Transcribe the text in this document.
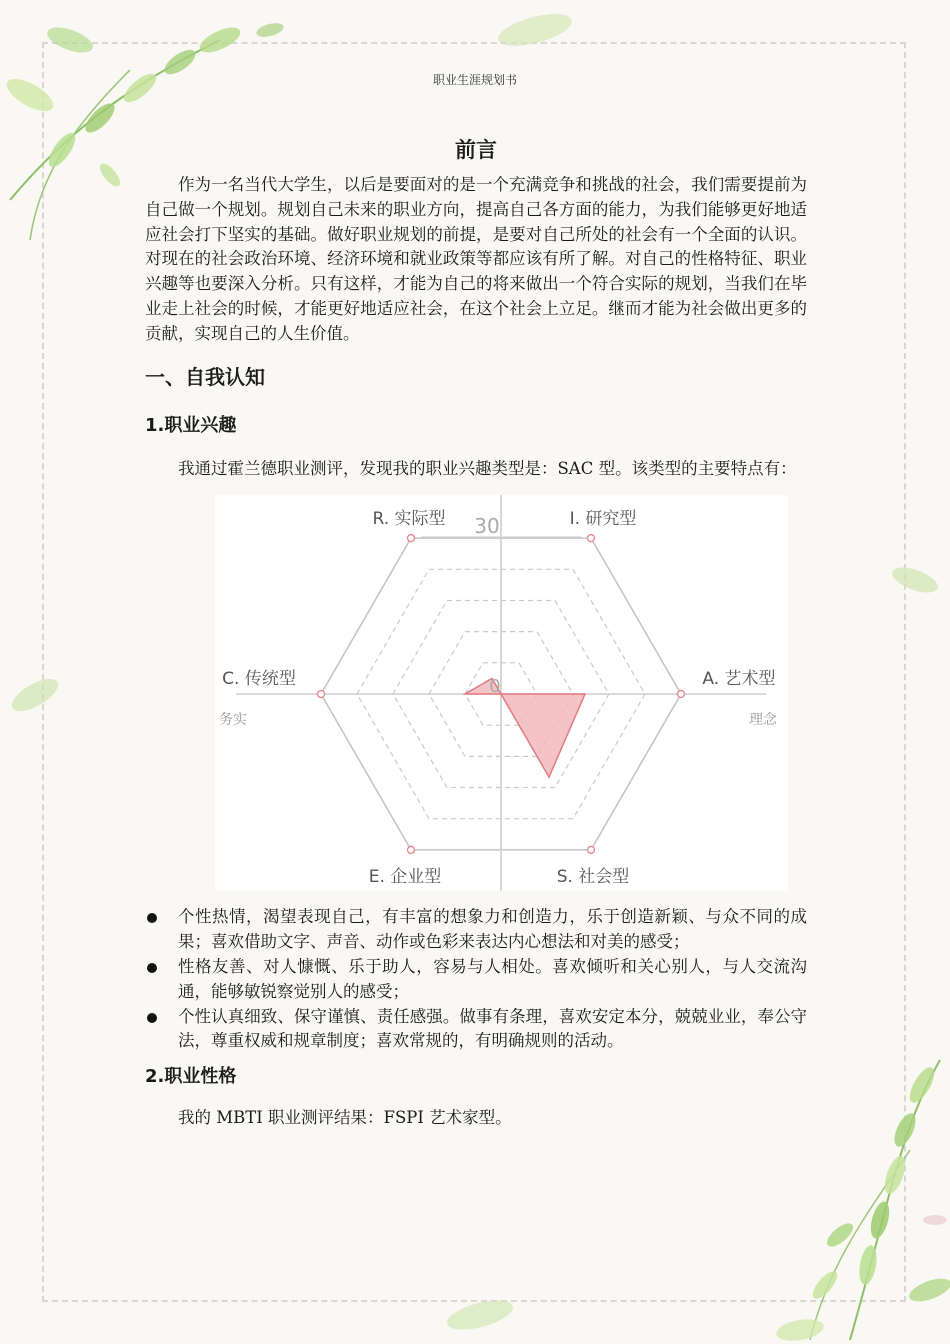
职业生涯规划书
前言

作为一名当代大学生，以后是要面对的是一个充满竞争和挑战的社会，我们需要提前为自己做一个规划。规划自己未来的职业方向，提高自己各方面的能力，为我们能够更好地适应社会打下坚实的基础。做好职业规划的前提，是要对自己所处的社会有一个全面的认识。对现在的社会政治环境、经济环境和就业政策等都应该有所了解。对自己的性格特征、职业兴趣等也要深入分析。只有这样，才能为自己的将来做出一个符合实际的规划，当我们在毕业走上社会的时候，才能更好地适应社会，在这个社会上立足。继而才能为社会做出更多的贡献，实现自己的人生价值。

一、自我认知
1.职业兴趣

我通过霍兰德职业测评，发现我的职业兴趣类型是：SAC 型。该类型的主要特点有：

R. 实际型	I. 研究型
A. 艺术型
S. 社会型
E. 企业型
C. 传统型	0
30
务实	理念
个性热情，渴望表现自己，有丰富的想象力和创造力，乐于创造新颖、与众不同的成果；喜欢借助文字、声音、动作或色彩来表达内心想法和对美的感受；
性格友善、对人慷慨、乐于助人，容易与人相处。喜欢倾听和关心别人，与人交流沟通，能够敏锐察觉别人的感受；
个性认真细致、保守谨慎、责任感强。做事有条理，喜欢安定本分，兢兢业业，奉公守法，尊重权威和规章制度；喜欢常规的，有明确规则的活动。
2.职业性格

我的 MBTI 职业测评结果：FSPI 艺术家型。
